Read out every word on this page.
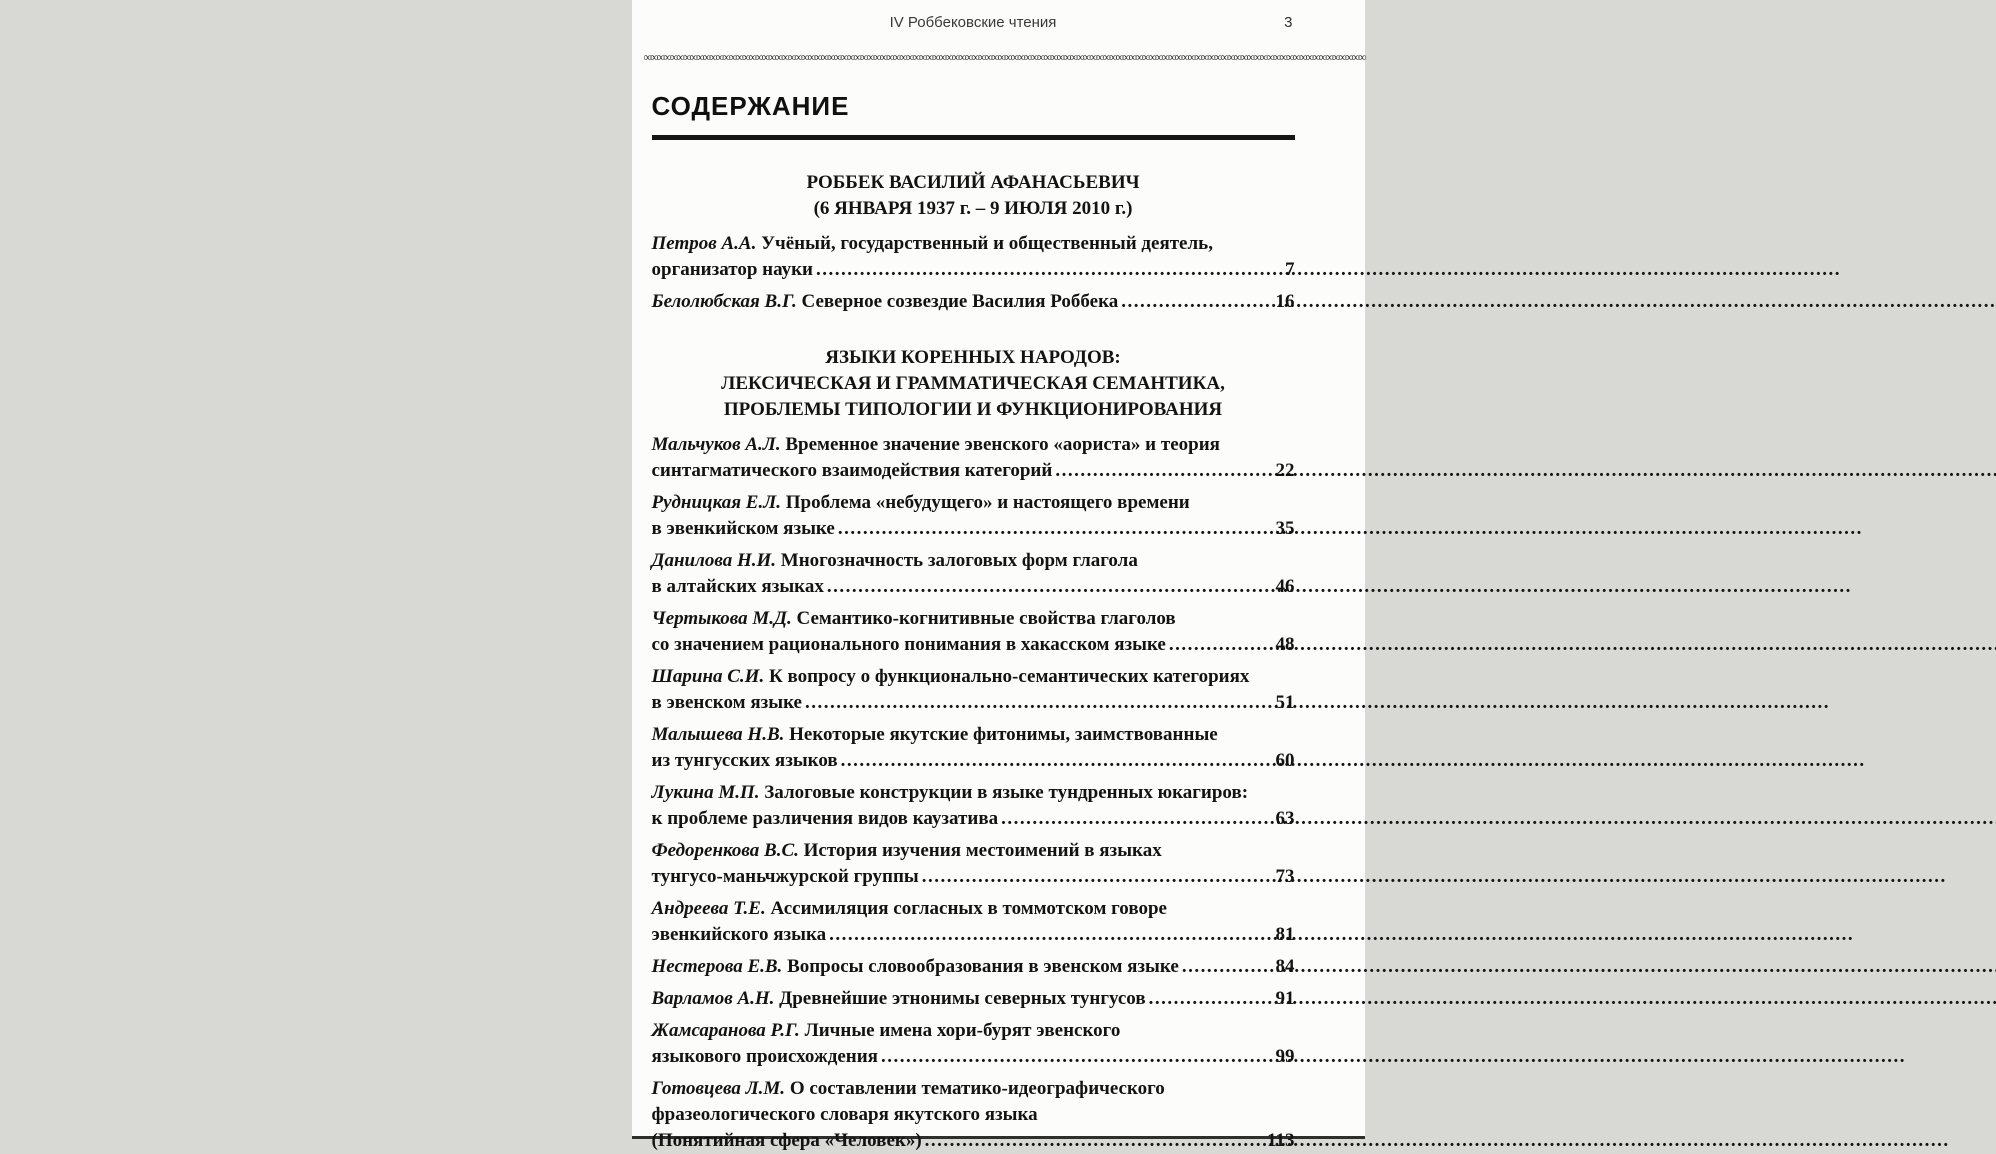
IV Роббековские чтения	3
∞∞∞∞∞∞∞∞∞∞∞∞∞∞∞∞∞∞∞∞∞∞∞∞∞∞∞∞∞∞∞∞∞∞∞∞∞∞∞∞∞∞∞∞∞∞∞∞∞∞∞∞∞∞∞∞∞∞∞∞∞∞∞∞∞∞∞∞∞∞∞∞∞∞∞∞∞∞∞∞∞∞∞∞∞∞∞∞∞∞∞∞∞∞∞∞∞∞∞∞∞∞∞∞∞∞∞∞∞∞
СОДЕРЖАНИЕ
РОББЕК ВАСИЛИЙ АФАНАСЬЕВИЧ
(6 ЯНВАРЯ 1937 г. – 9 ИЮЛЯ 2010 г.)
Петров А.А. Учёный, государственный и общественный деятель,
организатор науки .....	7
Белолюбская В.Г. Северное созвездие Василия Роббека .....	16
ЯЗЫКИ КОРЕННЫХ НАРОДОВ:
ЛЕКСИЧЕСКАЯ И ГРАММАТИЧЕСКАЯ СЕМАНТИКА,
ПРОБЛЕМЫ ТИПОЛОГИИ И ФУНКЦИОНИРОВАНИЯ
Мальчуков А.Л. Временное значение эвенского «аориста» и теория
синтагматического взаимодействия категорий .....	22
Рудницкая Е.Л. Проблема «небудущего» и настоящего времени
в эвенкийском языке .....	35
Данилова Н.И. Многозначность залоговых форм глагола
в алтайских языках .....	46
Чертыкова М.Д. Семантико-когнитивные свойства глаголов
со значением рационального понимания в хакасском языке .....	48
Шарина С.И. К вопросу о функционально-семантических категориях
в эвенском языке .....	51
Малышева Н.В. Некоторые якутские фитонимы, заимствованные
из тунгусских языков .....	60
Лукина М.П. Залоговые конструкции в языке тундренных юкагиров:
к проблеме различения видов каузатива .....	63
Федоренкова В.С. История изучения местоимений в языках
тунгусо-маньчжурской группы .....	73
Андреева Т.Е. Ассимиляция согласных в томмотском говоре
эвенкийского языка .....	81
Нестерова Е.В. Вопросы словообразования в эвенском языке .....	84
Варламов А.Н. Древнейшие этнонимы северных тунгусов .....	91
Жамсаранова Р.Г. Личные имена хори-бурят эвенского
языкового происхождения .....	99
Готовцева Л.М. О составлении тематико-идеографического
фразеологического словаря якутского языка
(Понятийная сфера «Человек») .....	113
